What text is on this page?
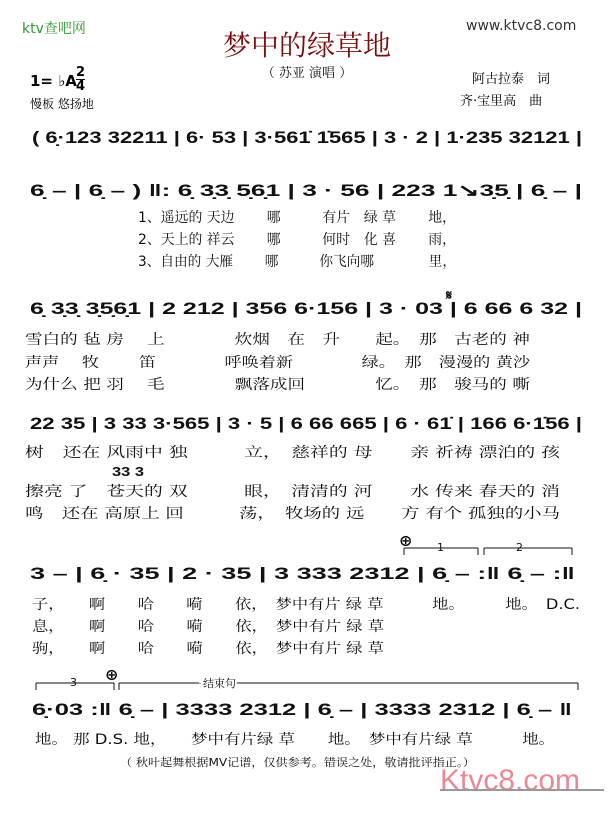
ktv查吧网	www.ktvc8.com
梦中的绿草地
（ 苏亚 演唱 ）
1= ♭A 2
4
慢板 悠扬地
阿古拉泰　词
齐·宝里高　曲
( 6̣·123 32211 | 6· 53 | 3·561̇ 1̇565 | 3 · 2 | 1·235 32121 |
6̣ – | 6̣ – ) ‖: 6̣ 3̣3̣ 5̣6̣1 | 3 · 56 | 223 1↘3̣5̣ | 6̣ – |
1、遥远的 天边　　 哪　　　有片　绿 草　　 地，
2、天上的 祥云　　 哪　　　何时　化 喜　　 雨，
3、自由的 大雁　　 哪　　　你飞向哪　　　　里，
6̣ 3̣3̣ 3̣5̣6̣1 | 2 212 | 356 6·156 | 3 · 03 | 6 66 6 32 |
雪白的 毡 房　 上　　　　炊烟　在　升　　起。　那　古老的 神
声声　 牧　　 笛　　　　呼唤着新　　　　绿。　那　漫漫的 黄沙
为什么 把 羽　 毛　　　　飘落成回　　　　忆。　那　骏马的 嘶
22 35 | 3 33 3·565 | 3 · 5 | 6 66 665 | 6 · 61̇ | 166 6·1̇56 |
树　还在 风雨中 独　　　立，　慈祥的 母　　亲 祈祷 漂泊的 孩
擦亮 了　苍天的 双　　　眼，　清清的 河　　水 传来 春天的 消
鸣　还在 高原上 回　　　荡，　牧场的 远　　方 有个 孤独的小马
3 – | 6̣ · 35 | 2 · 35 | 3 333 2312 | 6̣ – :‖ 6̣ – :‖
子，　　啊　　哈　　嗬　　依，　梦中有片 绿 草　　　地。　　　地。　D.C.
息，　　啊　　哈　　嗬　　依，　梦中有片 绿 草
驹，　　啊　　哈　　嗬　　依，　梦中有片 绿 草
6̣·03 :‖ 6̣ – | 3333 2312 | 6̣ – | 3333 2312 | 6̣ – ‖
地。 那 D.S. 地，　　梦中有片绿 草　　地。　梦中有片绿 草　　　地。
33 3
1	2
3	结束句
𝄋
⊕
⊕
（ 秋叶起舞根据MV记谱，仅供参考。错误之处，敬请批评指正。）
Ktvc8.com
